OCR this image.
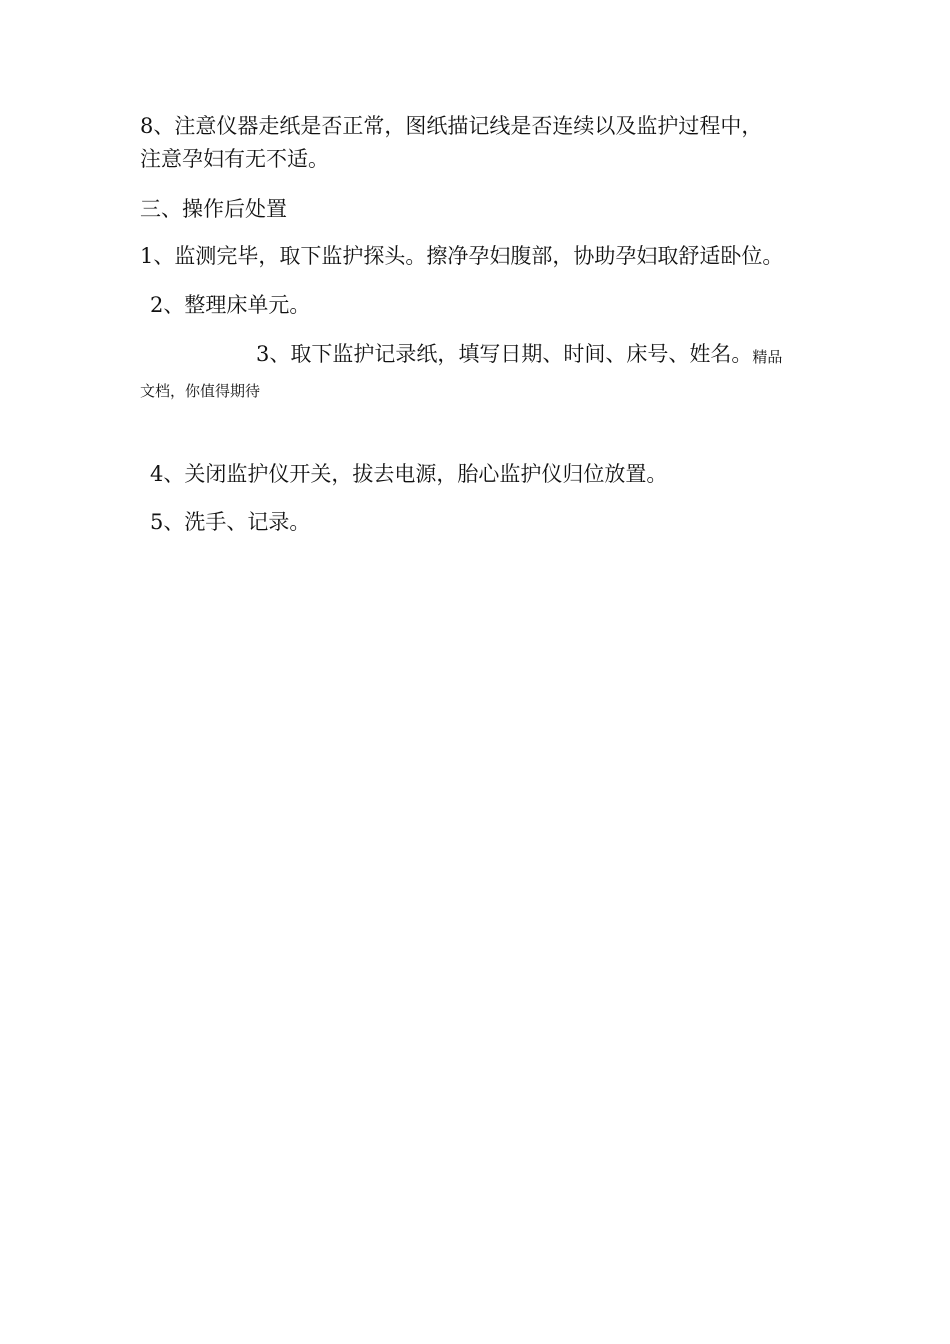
8、注意仪器走纸是否正常，图纸描记线是否连续以及监护过程中，
注意孕妇有无不适。
三、操作后处置
1、监测完毕，取下监护探头。擦净孕妇腹部，协助孕妇取舒适卧位。
2、整理床单元。
3、取下监护记录纸，填写日期、时间、床号、姓名。精品
文档，你值得期待
4、关闭监护仪开关，拔去电源，胎心监护仪归位放置。
5、洗手、记录。
